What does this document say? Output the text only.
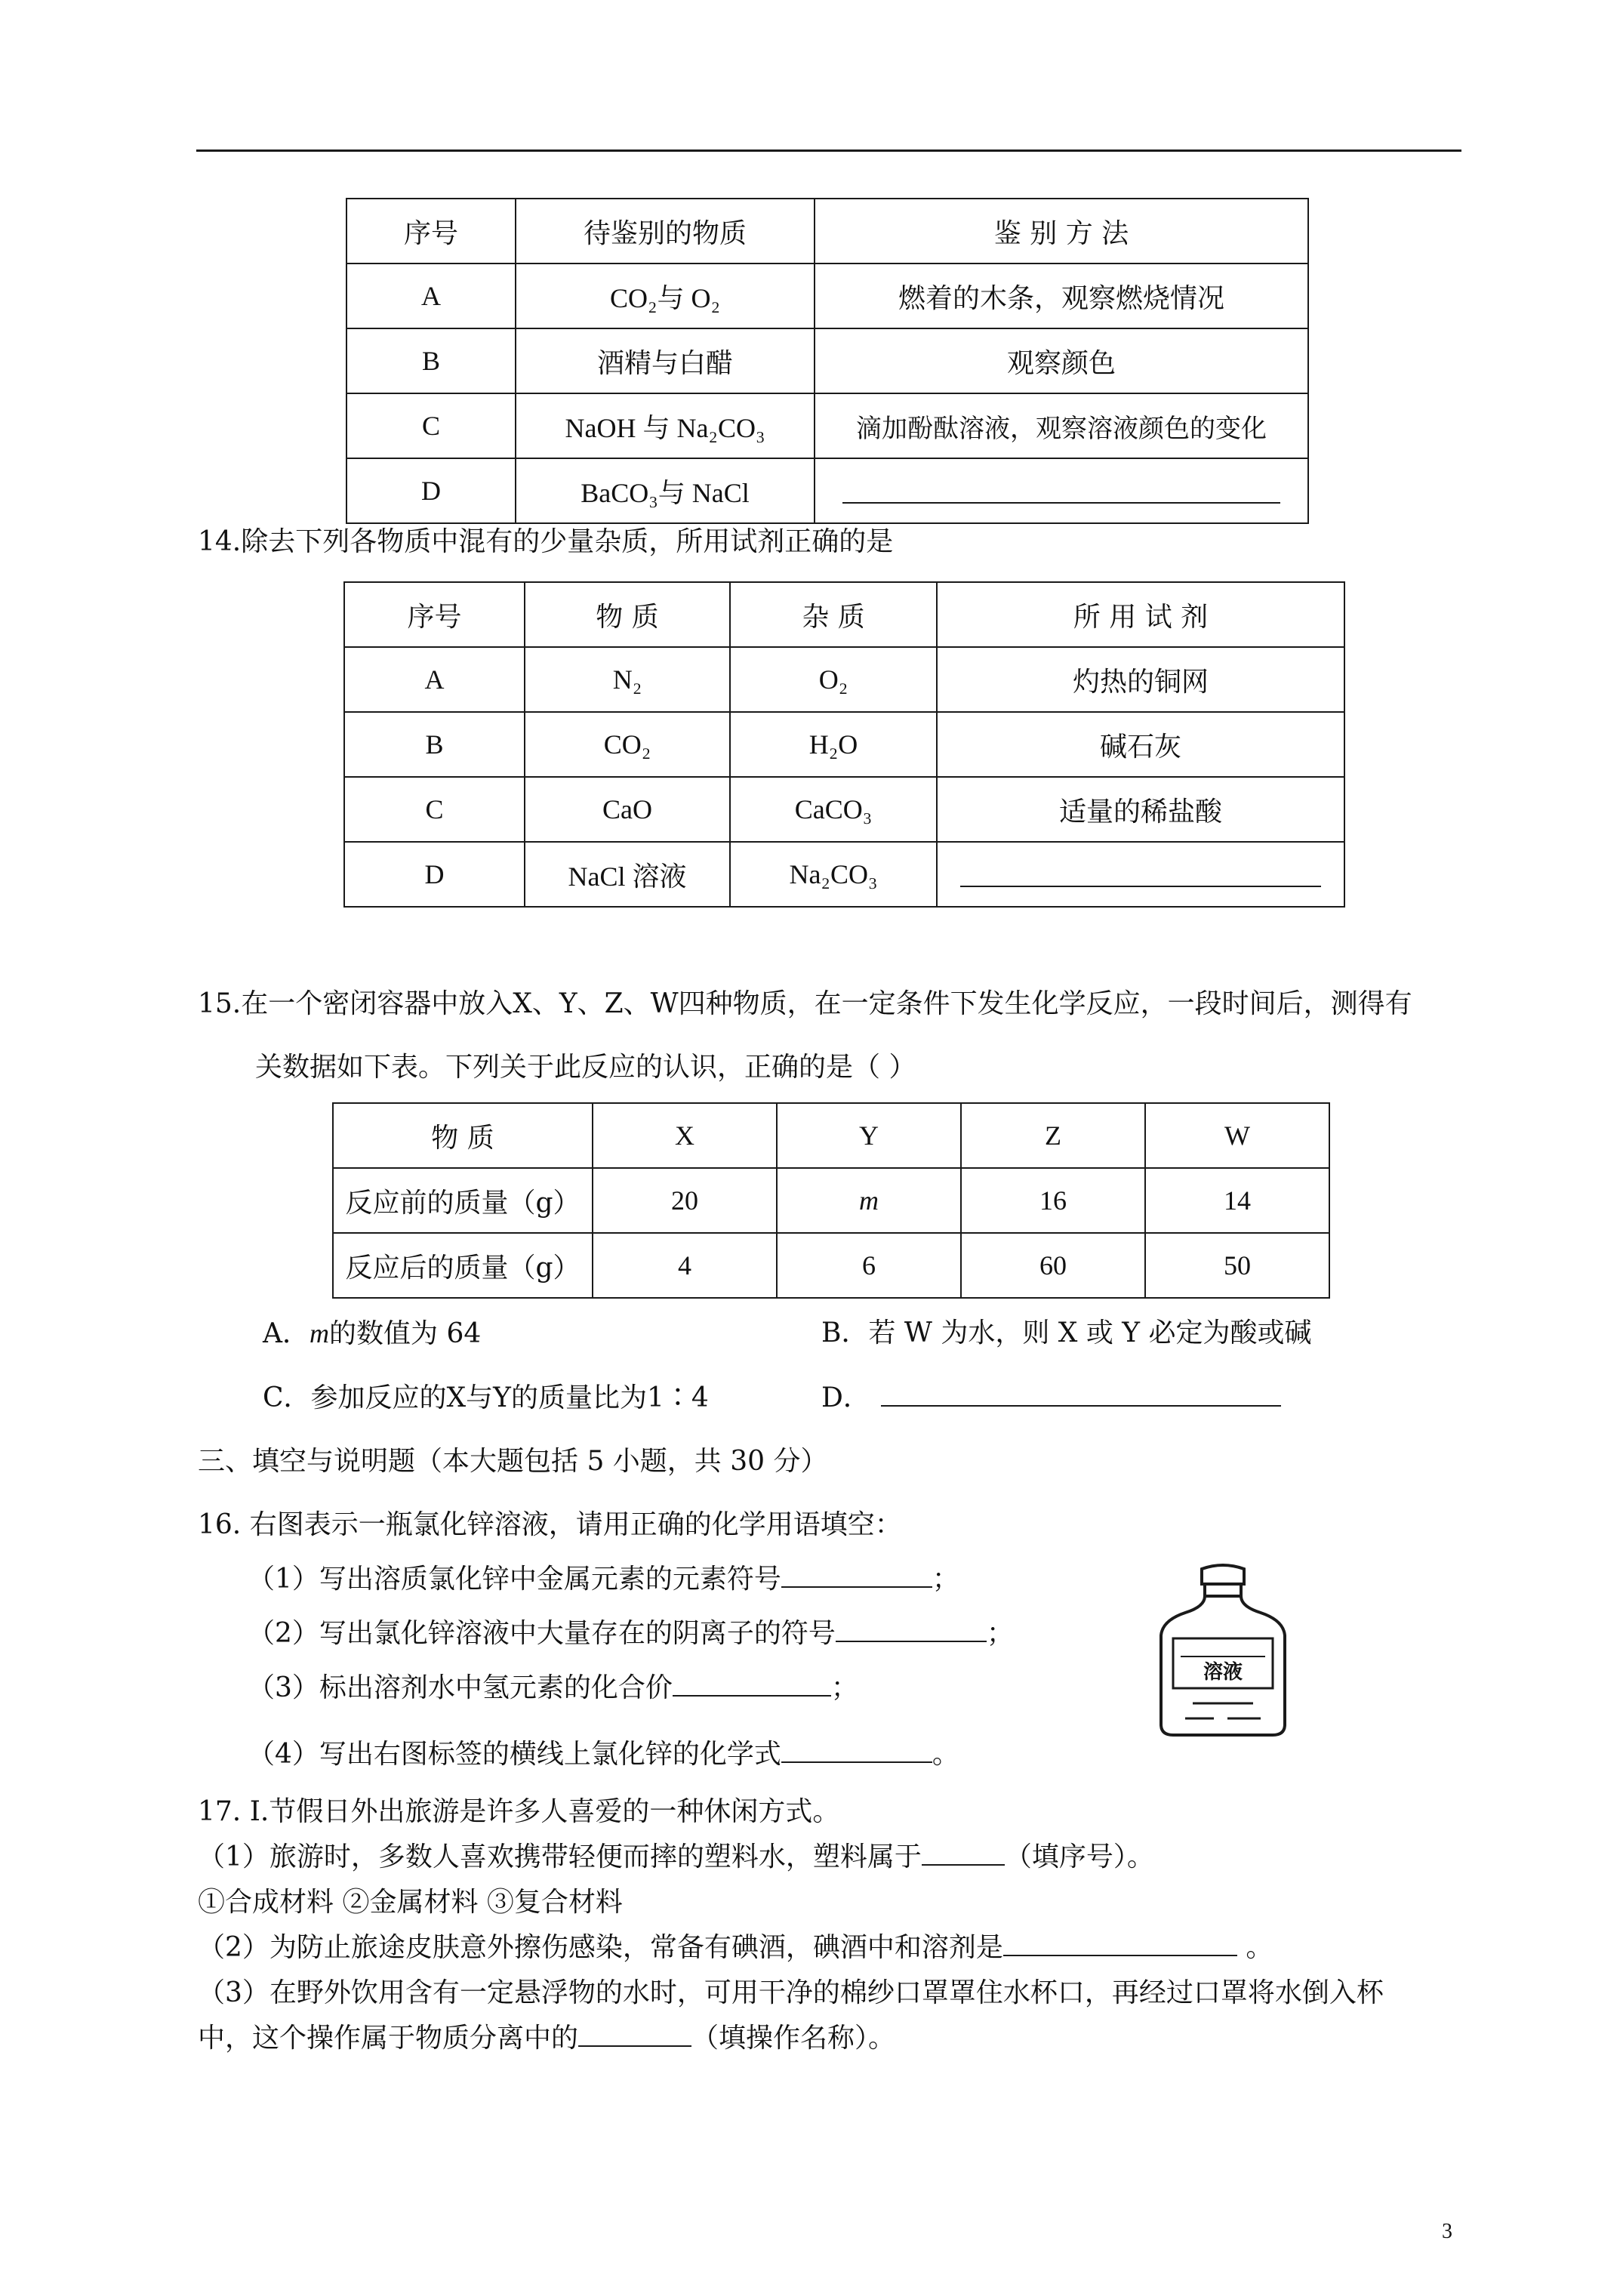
序号	待鉴别的物质	鉴 别 方 法
A	CO₂与 O₂	燃着的木条，观察燃烧情况
B	酒精与白醋	观察颜色
C	NaOH 与 Na₂CO₃	滴加酚酞溶液，观察溶液颜色的变化
D	BaCO₃与 NaCl	
14.除去下列各物质中混有的少量杂质，所用试剂正确的是
序号	物 质	杂 质	所 用 试 剂
A	N₂	O₂	灼热的铜网
B	CO₂	H₂O	碱石灰
C	CaO	CaCO₃	适量的稀盐酸
D	NaCl 溶液	Na₂CO₃	
15.在一个密闭容器中放入X、Y、Z、W四种物质，在一定条件下发生化学反应，一段时间后，测得有
关数据如下表。下列关于此反应的认识，正确的是（ ）
物 质	X	Y	Z	W
反应前的质量（g）	20	m	16	14
反应后的质量（g）	4	6	60	50
A．m的数值为 64	B．若 W 为水，则 X 或 Y 必定为酸或碱
C．参加反应的X与Y的质量比为1∶4	D．
三、填空与说明题（本大题包括 5 小题，共 30 分）
16. 右图表示一瓶氯化锌溶液，请用正确的化学用语填空：
（1）写出溶质氯化锌中金属元素的元素符号	；
（2）写出氯化锌溶液中大量存在的阴离子的符号	；
（3）标出溶剂水中氢元素的化合价	；
（4）写出右图标签的横线上氯化锌的化学式	。
溶液
17. Ⅰ.节假日外出旅游是许多人喜爱的一种休闲方式。
（1）旅游时，多数人喜欢携带轻便而摔的塑料水，塑料属于	（填序号）。
①合成材料 ②金属材料 ③复合材料
（2）为防止旅途皮肤意外擦伤感染，常备有碘酒，碘酒中和溶剂是	。
（3）在野外饮用含有一定悬浮物的水时，可用干净的棉纱口罩罩住水杯口，再经过口罩将水倒入杯
中，这个操作属于物质分离中的	（填操作名称）。
3
